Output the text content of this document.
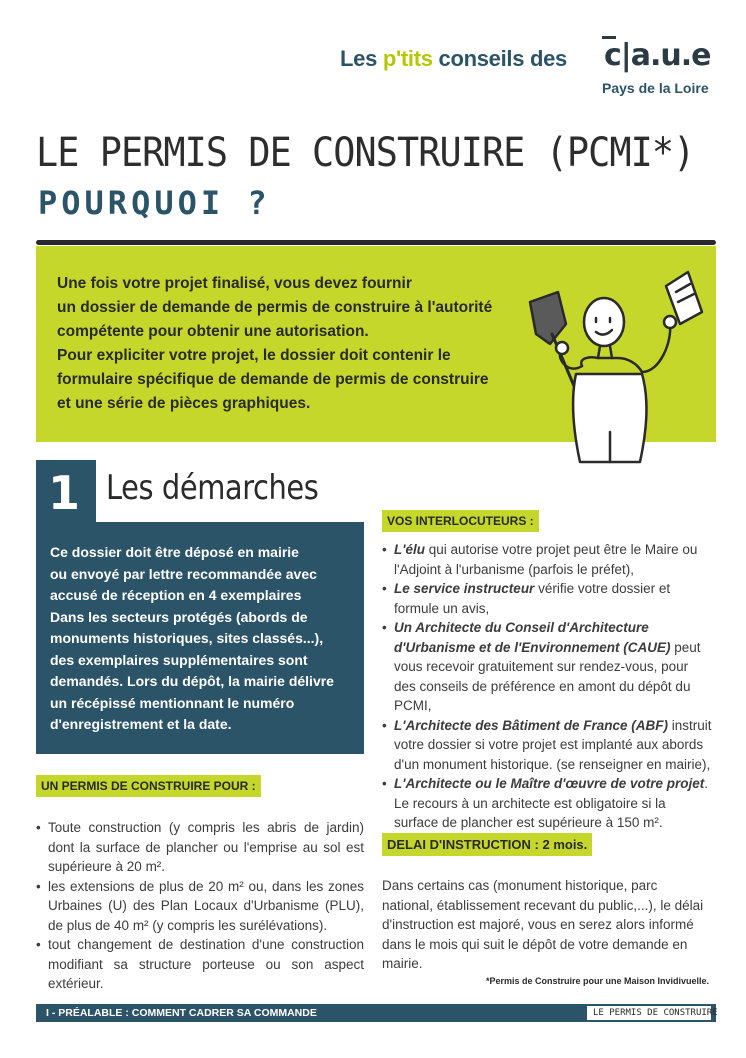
Les p'tits conseils des c|a.u.e
Pays de la Loire
LE PERMIS DE CONSTRUIRE (PCMI*)
POURQUOI ?

Une fois votre projet finalisé, vous devez fournir

un dossier de demande de permis de construire à l'autorité

compétente pour obtenir une autorisation.

Pour expliciter votre projet, le dossier doit contenir le

formulaire spécifique de demande de permis de construire

et une série de pièces graphiques.

1 Les démarches

Ce dossier doit être déposé en mairie

ou envoyé par lettre recommandée avec

accusé de réception en 4 exemplaires

Dans les secteurs protégés (abords de

monuments historiques, sites classés...),

des exemplaires supplémentaires sont

demandés. Lors du dépôt, la mairie délivre

un récépissé mentionnant le numéro

d'enregistrement et la date.

UN PERMIS DE CONSTRUIRE POUR :
• Toute construction (y compris les abris de jardin) dont la surface de plancher ou l'emprise au sol est supérieure à 20 m².
• les extensions de plus de 20 m² ou, dans les zones Urbaines (U) des Plan Locaux d'Urbanisme (PLU), de plus de 40 m² (y compris les surélévations).
• tout changement de destination d'une construction modifiant sa structure porteuse ou son aspect extérieur.
VOS INTERLOCUTEURS :
• L'élu qui autorise votre projet peut être le Maire ou l'Adjoint à l'urbanisme (parfois le préfet),
• Le service instructeur vérifie votre dossier et formule un avis,
• Un Architecte du Conseil d'Architecture d'Urbanisme et de l'Environnement (CAUE) peut vous recevoir gratuitement sur rendez-vous, pour des conseils de préférence en amont du dépôt du PCMI,
• L'Architecte des Bâtiment de France (ABF) instruit votre dossier si votre projet est implanté aux abords d'un monument historique. (se renseigner en mairie),
• L'Architecte ou le Maître d'œuvre de votre projet. Le recours à un architecte est obligatoire si la surface de plancher est supérieure à 150 m².
DELAI D'INSTRUCTION : 2 mois.

Dans certains cas (monument historique, parc national, établissement recevant du public,...), le délai d'instruction est majoré, vous en serez alors informé dans le mois qui suit le dépôt de votre demande en mairie.

*Permis de Construire pour une Maison Invidivuelle.

I - PRÉALABLE : COMMENT CADRER SA COMMANDE	LE PERMIS DE CONSTRUIRE
